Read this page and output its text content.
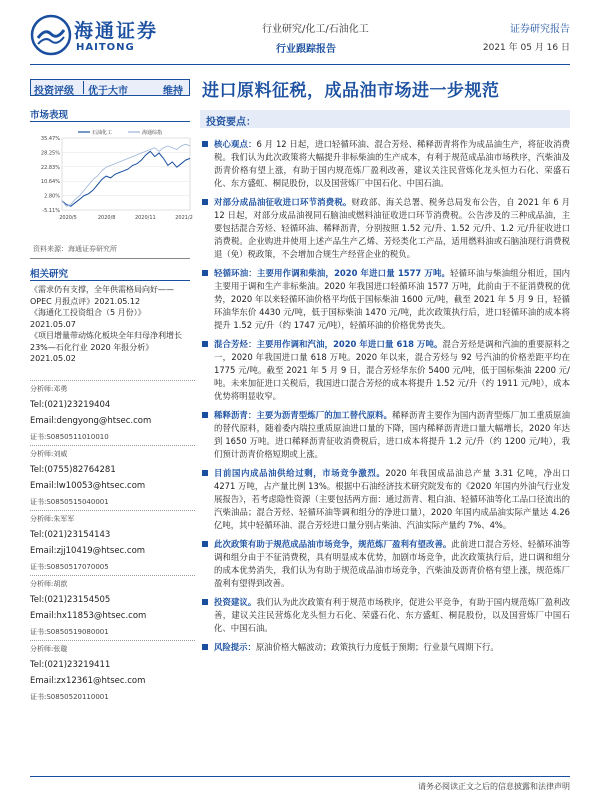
海通证券
HAITONG
行业研究/化工/石油化工
行业跟踪报告
证券研究报告
2021 年 05 月 16 日
投资评级 优于大市	维持 进口原料征税，成品油市场进一步规范
市场表现
35.47%
28.25%
22.83%
10.64%
2.80%
-5.11%
2020/5	2020/8	2020/11	2021/2
石油化工	海通综指
资料来源：海通证券研究所
相关研究
《需求仍有支撑，全年供需格局向好——OPEC 月报点评》2021.05.12
《海通化工投资组合（5 月份）》2021.05.07
《项目增量带动炼化板块全年归母净利增长 23%—石化行业 2020 年报分析》2021.05.02
分析师:邓勇
Tel:(021)23219404
Email:dengyong@htsec.com
证书:S0850511010010
分析师:刘威
Tel:(0755)82764281
Email:lw10053@htsec.com
证书:S0850515040001
分析师:朱军军
Tel:(021)23154143
Email:zjj10419@htsec.com
证书:S0850517070005
分析师:胡歆
Tel:(021)23154505
Email:hx11853@htsec.com
证书:S0850519080001
分析师:张璇
Tel:(021)23219411
Email:zx12361@htsec.com
证书:S0850520110001
投资要点：
核心观点：6 月 12 日起，进口轻循环油、混合芳烃、稀释沥青将作为成品油生产，将征收消费税。我们认为此次政策将大幅提升非标柴油的生产成本，有利于规范成品油市场秩序，汽柴油及沥青价格有望上涨，有助于国内规范炼厂盈利改善，建议关注民营炼化龙头恒力石化、荣盛石化、东方盛虹、桐昆股份，以及国营炼厂中国石化、中国石油。
对部分成品油征收进口环节消费税。财政部、海关总署、税务总局发布公告，自 2021 年 6 月 12 日起，对部分成品油视同石脑油或燃料油征收进口环节消费税。公告涉及的三种成品油，主要包括混合芳烃、轻循环油、稀释沥青，分别按照 1.52 元/升、1.52 元/升、1.2 元/升征收进口消费税。企业购进并使用上述产品生产乙烯、芳烃类化工产品，适用燃料油或石脑油现行消费税退（免）税政策，不会增加合规生产经营企业的税负。
轻循环油：主要用作调和柴油，2020 年进口量 1577 万吨。轻循环油与柴油组分相近，国内主要用于调和生产非标柴油。2020 年我国进口轻循环油 1577 万吨，此前由于不征消费税的优势，2020 年以来轻循环油价格平均低于国标柴油 1600 元/吨，截至 2021 年 5 月 9 日，轻循环油华东价 4430 元/吨，低于国标柴油 1470 元/吨，此次政策执行后，进口轻循环油的成本将提升 1.52 元/升（约 1747 元/吨），轻循环油的价格优势丧失。
混合芳烃：主要用作调和汽油，2020 年进口量 618 万吨。混合芳烃是调和汽油的重要原料之一，2020 年我国进口量 618 万吨。2020 年以来，混合芳烃与 92 号汽油的价格差距平均在 1775 元/吨。截至 2021 年 5 月 9 日，混合芳烃华东价 5400 元/吨，低于国标柴油 2200 元/吨。未来加征进口关税后，我国进口混合芳烃的成本将提升 1.52 元/升（约 1911 元/吨），成本优势将明显收窄。
稀释沥青：主要为沥青型炼厂的加工替代原料。稀释沥青主要作为国内沥青型炼厂加工重质原油的替代原料，随着委内瑞拉重质原油进口量的下降，国内稀释沥青进口量大幅增长，2020 年达到 1650 万吨。进口稀释沥青征收消费税后，进口成本将提升 1.2 元/升（约 1200 元/吨），我们预计沥青价格短期或上涨。
目前国内成品油供给过剩，市场竞争激烈。2020 年我国成品油总产量 3.31 亿吨，净出口 4271 万吨，占产量比例 13%。根据中石油经济技术研究院发布的《2020 年国内外油气行业发展报告》，若考虑隐性资源（主要包括两方面：通过沥青、粗白油、轻循环油等化工品口径流出的汽柴油品；混合芳烃、轻循环油等调和组分的净进口量），2020 年国内成品油实际产量达 4.26 亿吨，其中轻循环油、混合芳烃进口量分别占柴油、汽油实际产量约 7%、4%。
此次政策有助于规范成品油市场竞争，规范炼厂盈利有望改善。此前进口混合芳烃、轻循环油等调和组分由于不征消费税，具有明显成本优势，加剧市场竞争，此次政策执行后，进口调和组分的成本优势消失，我们认为有助于规范成品油市场竞争，汽柴油及沥青价格有望上涨，规范炼厂盈利有望得到改善。
投资建议。我们认为此次政策有利于规范市场秩序，促进公平竞争，有助于国内规范炼厂盈利改善，建议关注民营炼化龙头恒力石化、荣盛石化、东方盛虹、桐昆股份，以及国营炼厂中国石化、中国石油。
风险提示：原油价格大幅波动；政策执行力度低于预期；行业景气周期下行。
请务必阅读正文之后的信息披露和法律声明
